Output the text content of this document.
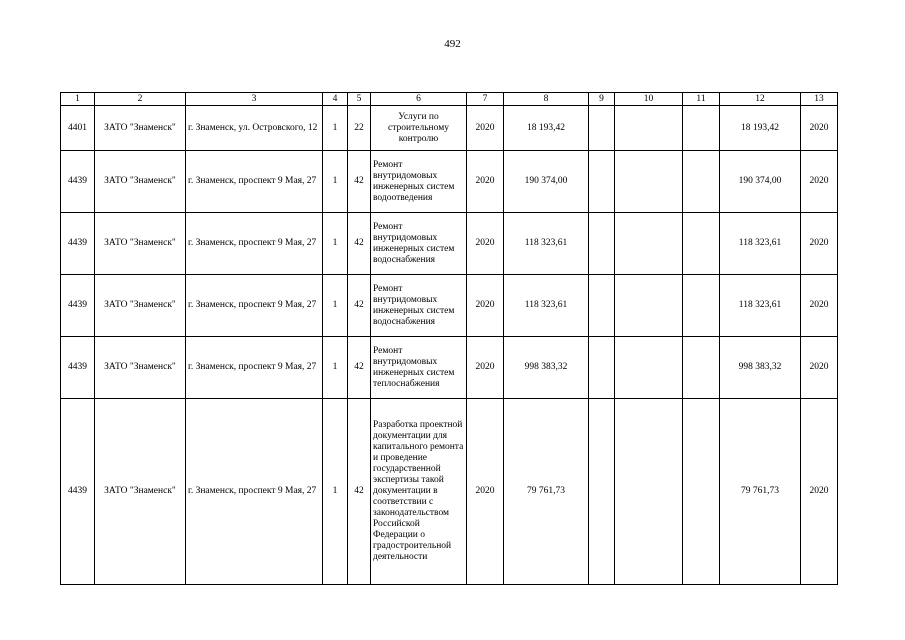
492
1	2	3	4	5	6	7	8	9	10	11	12	13
4401	ЗАТО "Знаменск"	г. Знаменск, ул. Островского, 12	1	22	Услуги по строительному контролю	2020	18 193,42				18 193,42	2020
4439	ЗАТО "Знаменск"	г. Знаменск, проспект 9 Мая, 27	1	42	Ремонт внутридомовых инженерных систем водоотведения	2020	190 374,00				190 374,00	2020
4439	ЗАТО "Знаменск"	г. Знаменск, проспект 9 Мая, 27	1	42	Ремонт внутридомовых инженерных систем водоснабжения	2020	118 323,61				118 323,61	2020
4439	ЗАТО "Знаменск"	г. Знаменск, проспект 9 Мая, 27	1	42	Ремонт внутридомовых инженерных систем водоснабжения	2020	118 323,61				118 323,61	2020
4439	ЗАТО "Знаменск"	г. Знаменск, проспект 9 Мая, 27	1	42	Ремонт внутридомовых инженерных систем теплоснабжения	2020	998 383,32				998 383,32	2020
4439	ЗАТО "Знаменск"	г. Знаменск, проспект 9 Мая, 27	1	42	Разработка проектной документации для капитального ремонта и проведение государственной экспертизы такой документации в соответствии с законодательством Российской Федерации о градостроительной деятельности	2020	79 761,73				79 761,73	2020
